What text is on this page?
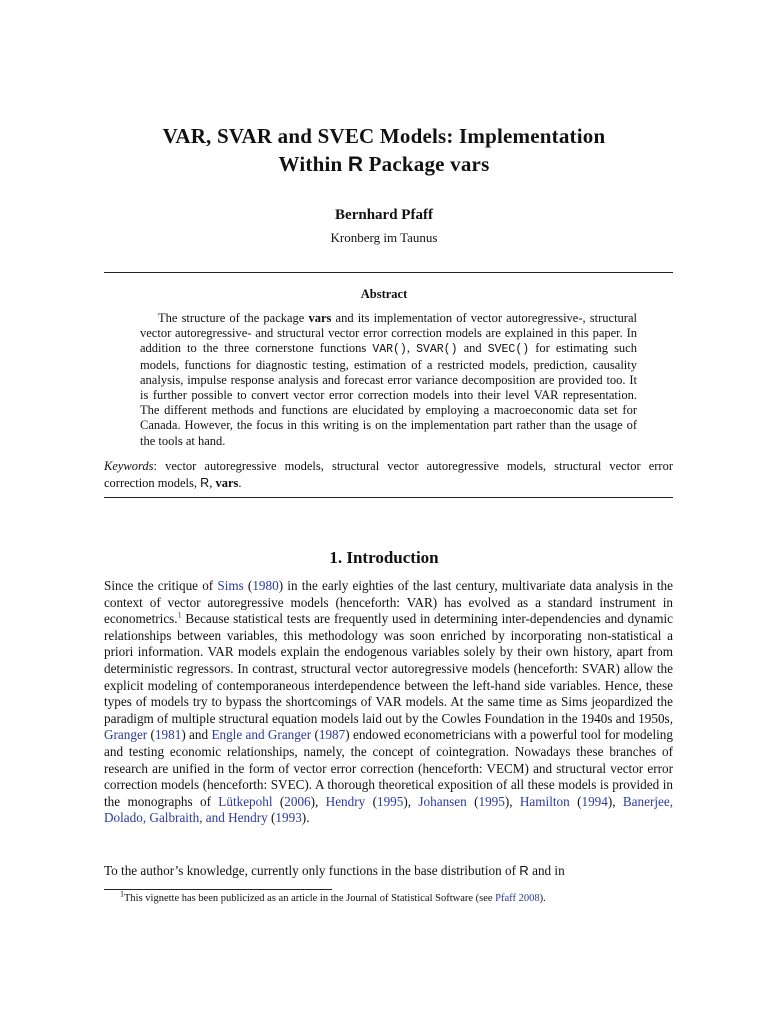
VAR, SVAR and SVEC Models: Implementation
Within R Package vars
Bernhard Pfaff
Kronberg im Taunus
Abstract

The structure of the package vars and its implementation of vector autoregressive-, structural vector autoregressive- and structural vector error correction models are explained in this paper. In addition to the three cornerstone functions VAR(), SVAR() and SVEC() for estimating such models, functions for diagnostic testing, estimation of a restricted models, prediction, causality analysis, impulse response analysis and forecast error variance decomposition are provided too. It is further possible to convert vector error correction models into their level VAR representation. The different methods and functions are elucidated by employing a macroeconomic data set for Canada. However, the focus in this writing is on the implementation part rather than the usage of the tools at hand.

Keywords: vector autoregressive models, structural vector autoregressive models, structural vector error correction models, R, vars.

1. Introduction

Since the critique of Sims (1980) in the early eighties of the last century, multivariate data analysis in the context of vector autoregressive models (henceforth: VAR) has evolved as a standard instrument in econometrics.$^1$ Because statistical tests are frequently used in determining inter-dependencies and dynamic relationships between variables, this methodology was soon enriched by incorporating non-statistical a priori information. VAR models explain the endogenous variables solely by their own history, apart from deterministic regressors. In contrast, structural vector autoregressive models (henceforth: SVAR) allow the explicit modeling of contemporaneous interdependence between the left-hand side variables. Hence, these types of models try to bypass the shortcomings of VAR models. At the same time as Sims jeopardized the paradigm of multiple structural equation models laid out by the Cowles Foundation in the 1940s and 1950s, Granger (1981) and Engle and Granger (1987) endowed econometricians with a powerful tool for modeling and testing economic relationships, namely, the concept of cointegration. Nowadays these branches of research are unified in the form of vector error correction (henceforth: VECM) and structural vector error correction models (henceforth: SVEC). A thorough theoretical exposition of all these models is provided in the monographs of Lütkepohl (2006), Hendry (1995), Johansen (1995), Hamilton (1994), Banerjee, Dolado, Galbraith, and Hendry (1993).

To the author’s knowledge, currently only functions in the base distribution of R and in

$^1$This vignette has been publicized as an article in the Journal of Statistical Software (see Pfaff 2008).
